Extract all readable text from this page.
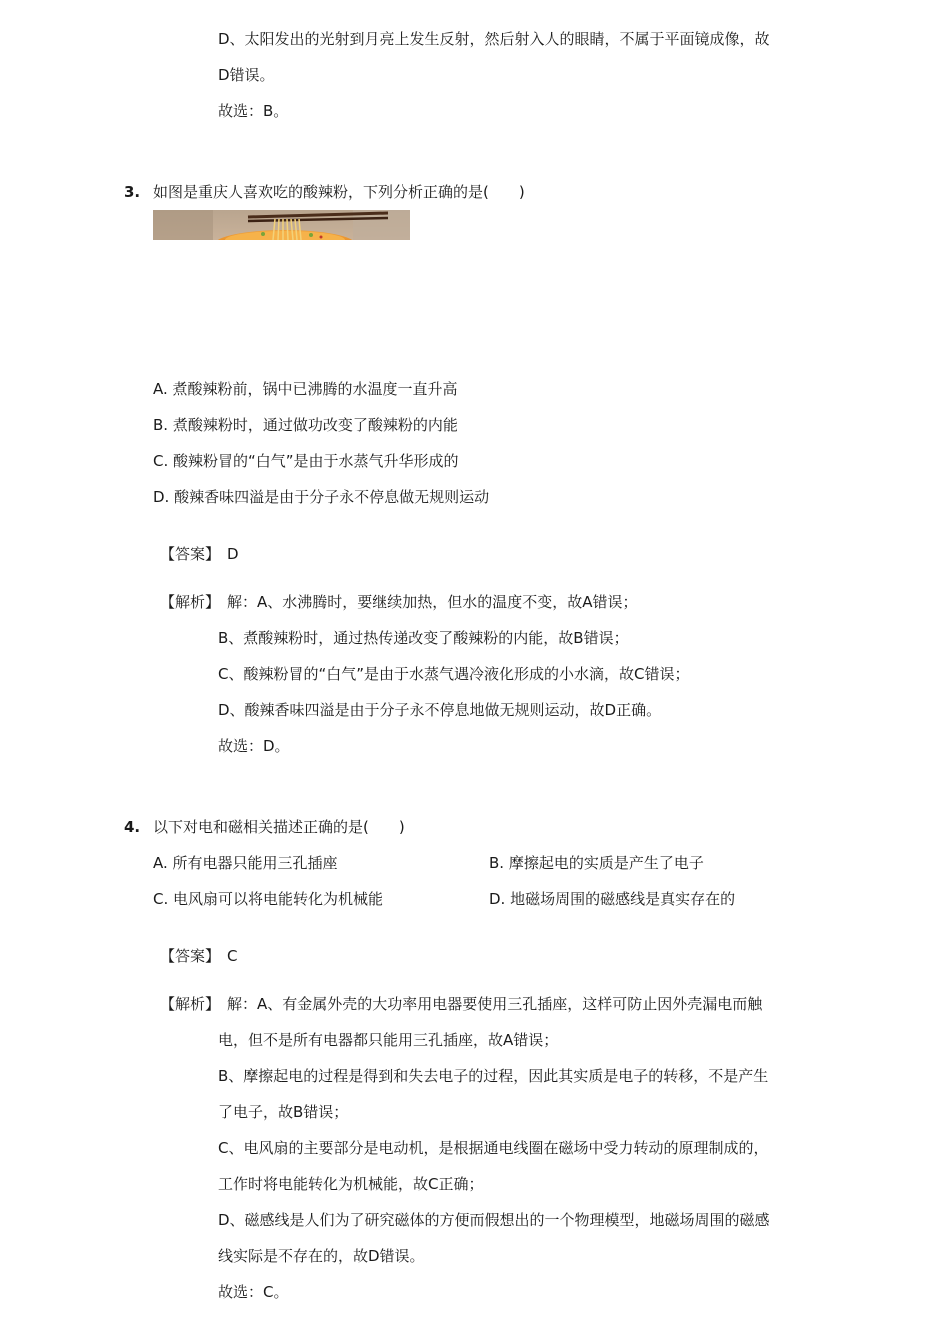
D、太阳发出的光射到月亮上发生反射，然后射入人的眼睛，不属于平面镜成像，故
D错误。
故选：B。
3. 如图是重庆人喜欢吃的酸辣粉，下列分析正确的是(　　)
A. 煮酸辣粉前，锅中已沸腾的水温度一直升高
B. 煮酸辣粉时，通过做功改变了酸辣粉的内能
C. 酸辣粉冒的“白气”是由于水蒸气升华形成的
D. 酸辣香味四溢是由于分子永不停息做无规则运动
【答案】 D
【解析】 解：A、水沸腾时，要继续加热，但水的温度不变，故A错误；
B、煮酸辣粉时，通过热传递改变了酸辣粉的内能，故B错误；
C、酸辣粉冒的“白气”是由于水蒸气遇冷液化形成的小水滴，故C错误；
D、酸辣香味四溢是由于分子永不停息地做无规则运动，故D正确。
故选：D。
4. 以下对电和磁相关描述正确的是(　　)
A. 所有电器只能用三孔插座	B. 摩擦起电的实质是产生了电子
C. 电风扇可以将电能转化为机械能	D. 地磁场周围的磁感线是真实存在的
【答案】 C
【解析】 解：A、有金属外壳的大功率用电器要使用三孔插座，这样可防止因外壳漏电而触
电，但不是所有电器都只能用三孔插座，故A错误；
B、摩擦起电的过程是得到和失去电子的过程，因此其实质是电子的转移，不是产生
了电子，故B错误；
C、电风扇的主要部分是电动机，是根据通电线圈在磁场中受力转动的原理制成的，
工作时将电能转化为机械能，故C正确；
D、磁感线是人们为了研究磁体的方便而假想出的一个物理模型，地磁场周围的磁感
线实际是不存在的，故D错误。
故选：C。
